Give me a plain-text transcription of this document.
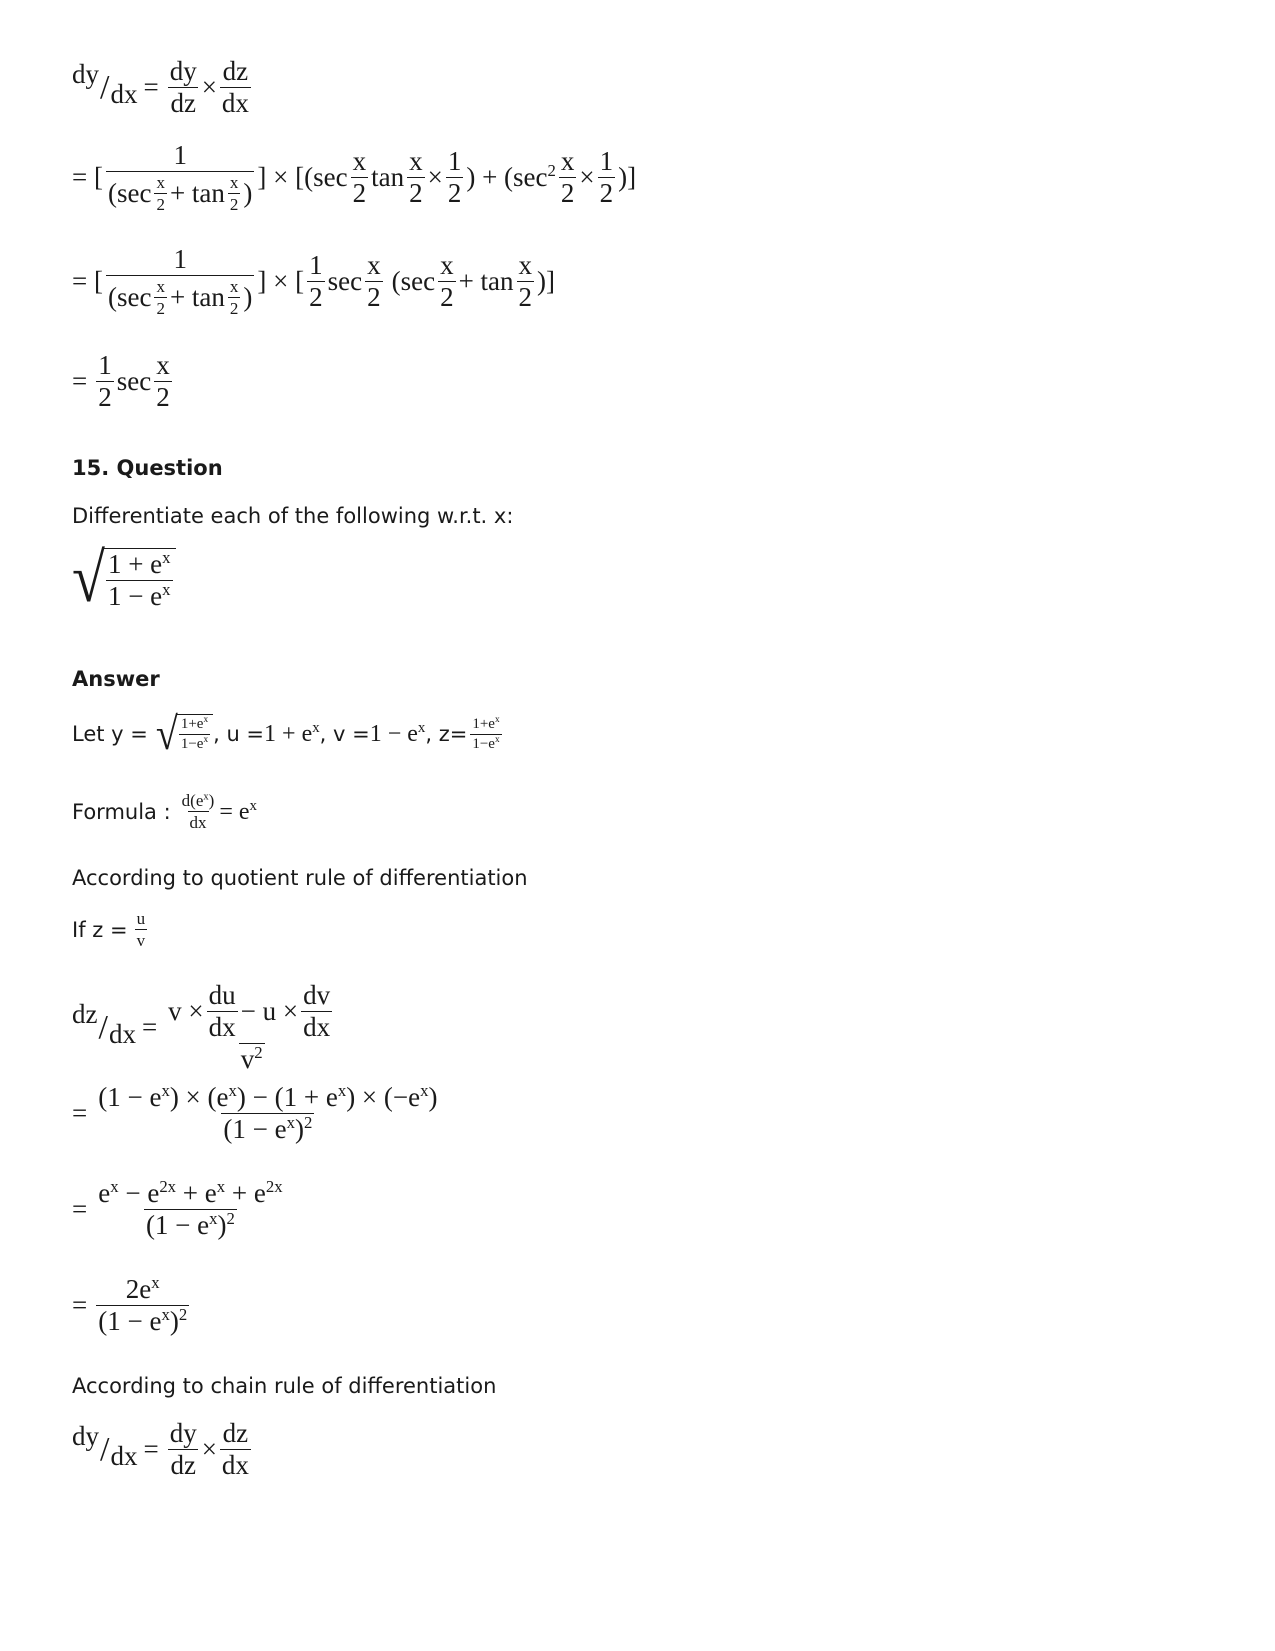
dy / dx = $\frac{dy}{dz} \times \frac{dz}{dx}$
= [ $\frac{1}{(\sec \frac{x}{2} + \tan \frac{x}{2} )}$ ] × [($\sec \frac{x}{2}$ $\tan \frac{x}{2} \times \frac{1}{2}$ ) + ($\sec^2 \frac{x}{2} \times \frac{1}{2}$ )]
= [ $\frac{1}{(\sec \frac{x}{2} + \tan \frac{x}{2} )}$ ] × [ $\frac{1}{2}$ $\sec \frac{x}{2} (\sec \frac{x}{2} + \tan \frac{x}{2}$ )]
= $\frac{1}{2}$ $\sec \frac{x}{2}$
15. Question
Differentiate each of the following w.r.t. x:
√ $\frac{1 + e^x}{1 - e^x}$
Answer
Let y = √ $\frac{1+e^x}{1-e^x}$ , $u = 1 + e^x$ , $v = 1 - e^x$ , $z= \frac{1+e^x}{1-e^x}$
Formula : $\frac{d(e^x)}{dx} = e^x$
According to quotient rule of differentiation
If $z = \frac{u}{v}$
dz / dx = $\frac{v \times \frac{du}{dx} - u \times \frac{dv}{dx}}{v^2}$
= $\frac{(1 - e^x) \times (e^x) - (1 + e^x) \times (-e^x)}{(1 - e^x)^2}$
= $\frac{e^x - e^{2x} + e^x + e^{2x}}{(1 - e^x)^2}$
= $\frac{2e^x}{(1 - e^x)^2}$
According to chain rule of differentiation
dy / dx = $\frac{dy}{dz} \times \frac{dz}{dx}$
